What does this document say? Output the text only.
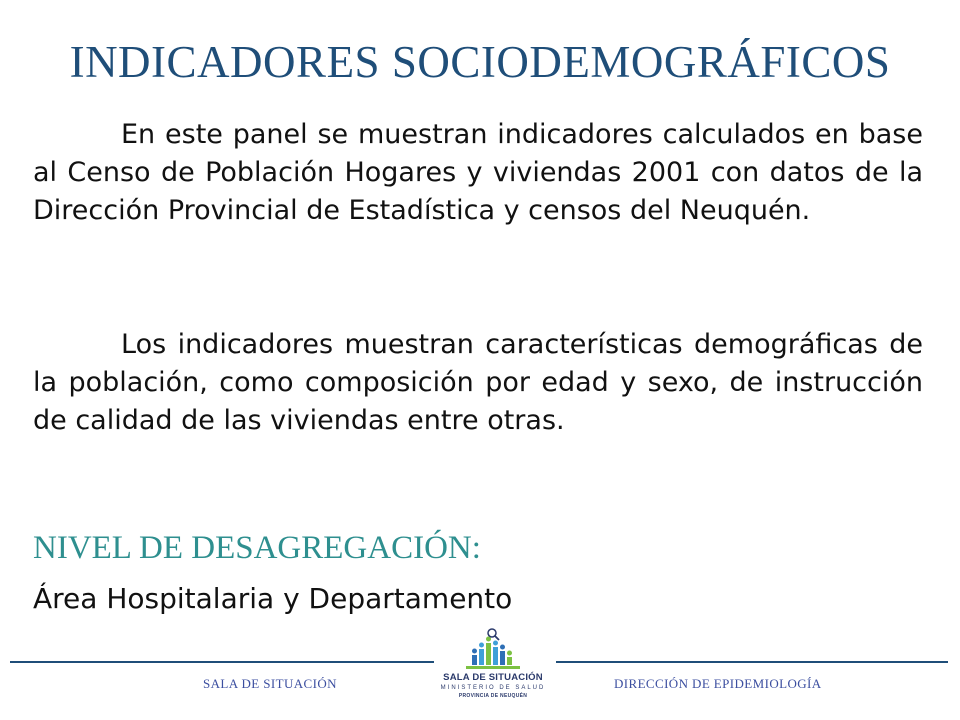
INDICADORES SOCIODEMOGRÁFICOS

En este panel se muestran indicadores calculados en base al Censo de Población Hogares y viviendas 2001 con datos de la Dirección Provincial de Estadística y censos del Neuquén.

Los indicadores muestran características demográficas de la población, como composición por edad y sexo, de instrucción de calidad de las viviendas entre otras.

NIVEL DE DESAGREGACIÓN:

Área Hospitalaria y Departamento

SALA DE SITUACIÓN	DIRECCIÓN DE EPIDEMIOLOGÍA

SALA DE SITUACIÓN
MINISTERIO DE SALUD
PROVINCIA DE NEUQUÉN
